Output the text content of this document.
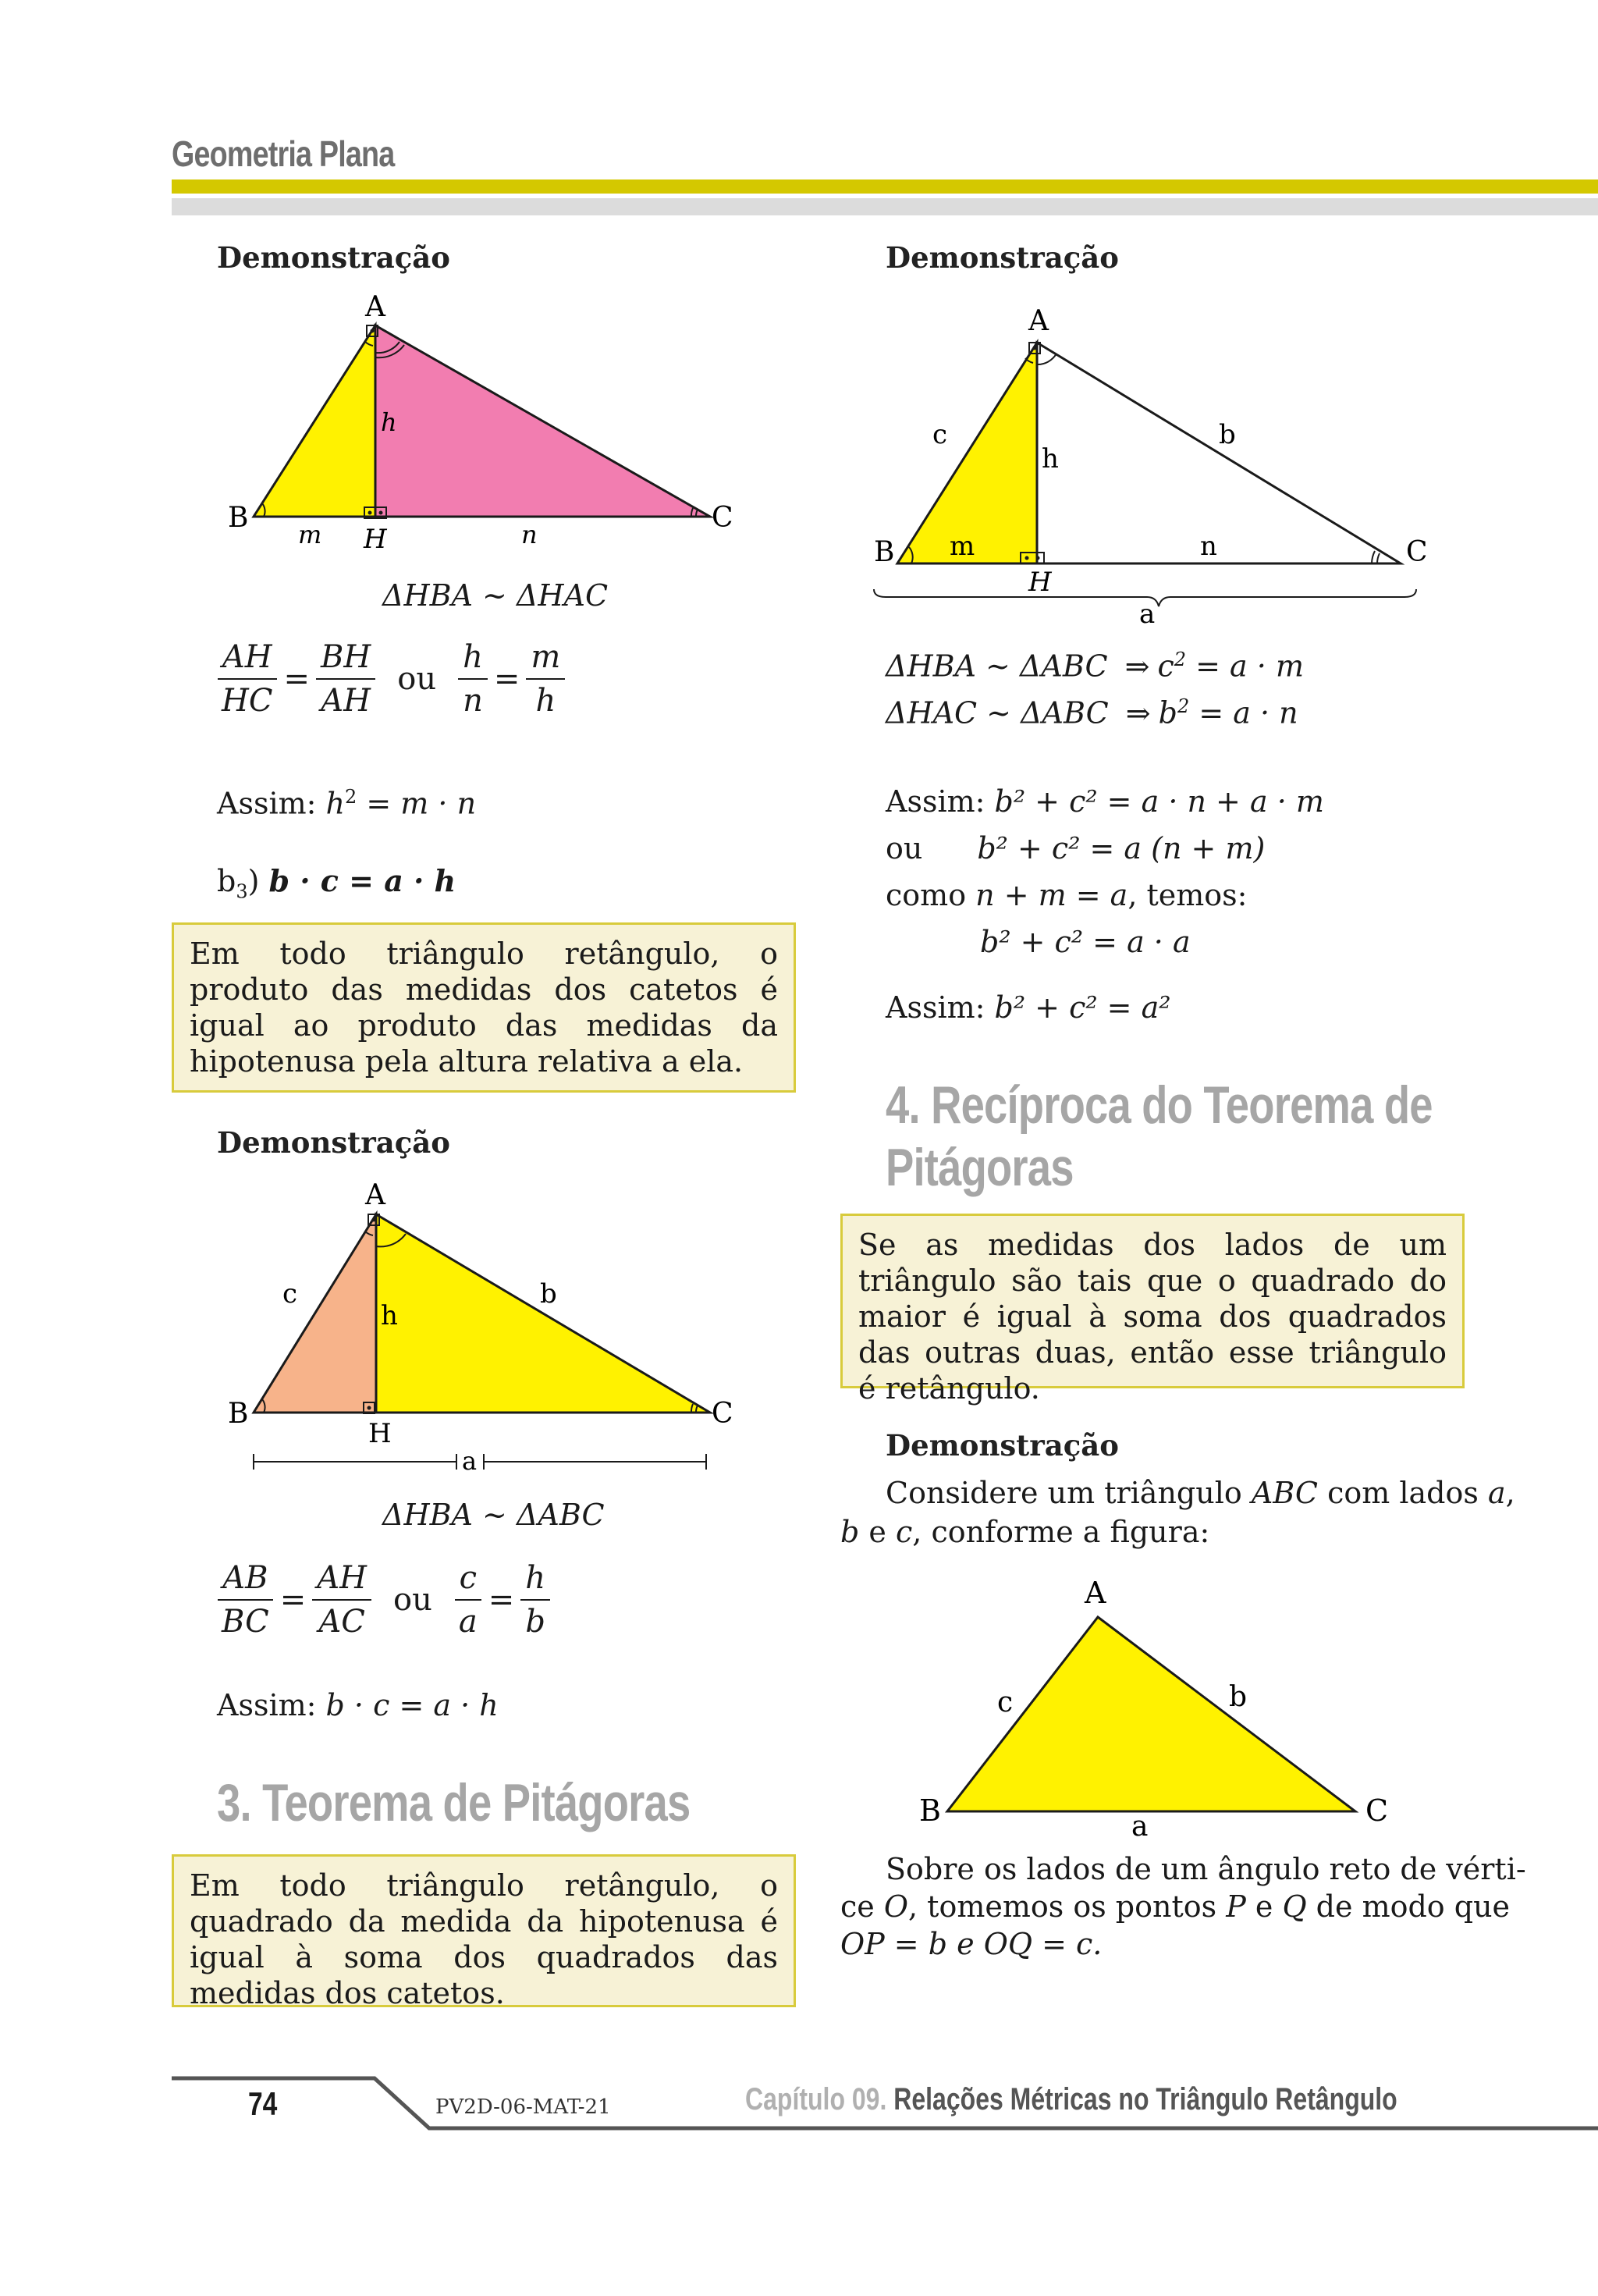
Geometria Plana
Demonstração
A
B	C
H
h
m	n
ΔHBA ~ ΔHAC
$\frac{AH}{HC} = \frac{BH}{AH}$ ou $\frac{h}{n} = \frac{m}{h}$
Assim: $h^2 = m \cdot n$
$b_3$) b · c = a · h
Em todo triângulo retângulo, o produto das medidas dos catetos é igual ao produto das medidas da hipotenusa pela altura relativa a ela.
Demonstração
A
B	C
H
h
c	b
a
ΔHBA ~ ΔABC
$\frac{AB}{BC} = \frac{AH}{AC}$ ou $\frac{c}{a} = \frac{h}{b}$
Assim: b · c = a · h
3. Teorema de Pitágoras
Em todo triângulo retângulo, o quadrado da medida da hipotenusa é igual à soma dos quadrados das medidas dos catetos.
Demonstração
A
B	C
H
h
c	b
m	n
a
ΔHBA ~ ΔABC ⇒ $c^2 = a \cdot m$
ΔHAC ~ ΔABC ⇒ $b^2 = a \cdot n$
Assim: b² + c² = a · n + a · m
ou b² + c² = a (n + m)
como n + m = a, temos:
b² + c² = a · a
Assim: b² + c² = a²
4. Recíproca do Teorema de
Pitágoras
Se as medidas dos lados de um triângulo são tais que o quadrado do maior é igual à soma dos quadrados das outras duas, então esse triângulo é retângulo.
Demonstração
Considere um triângulo ABC com lados a,
b e c, conforme a figura:
A
B	C
c	b
a
Sobre os lados de um ângulo reto de vérti-
ce O, tomemos os pontos P e Q de modo que
OP = b e OQ = c.
74	PV2D-06-MAT-21	Capítulo 09. Relações Métricas no Triângulo Retângulo
